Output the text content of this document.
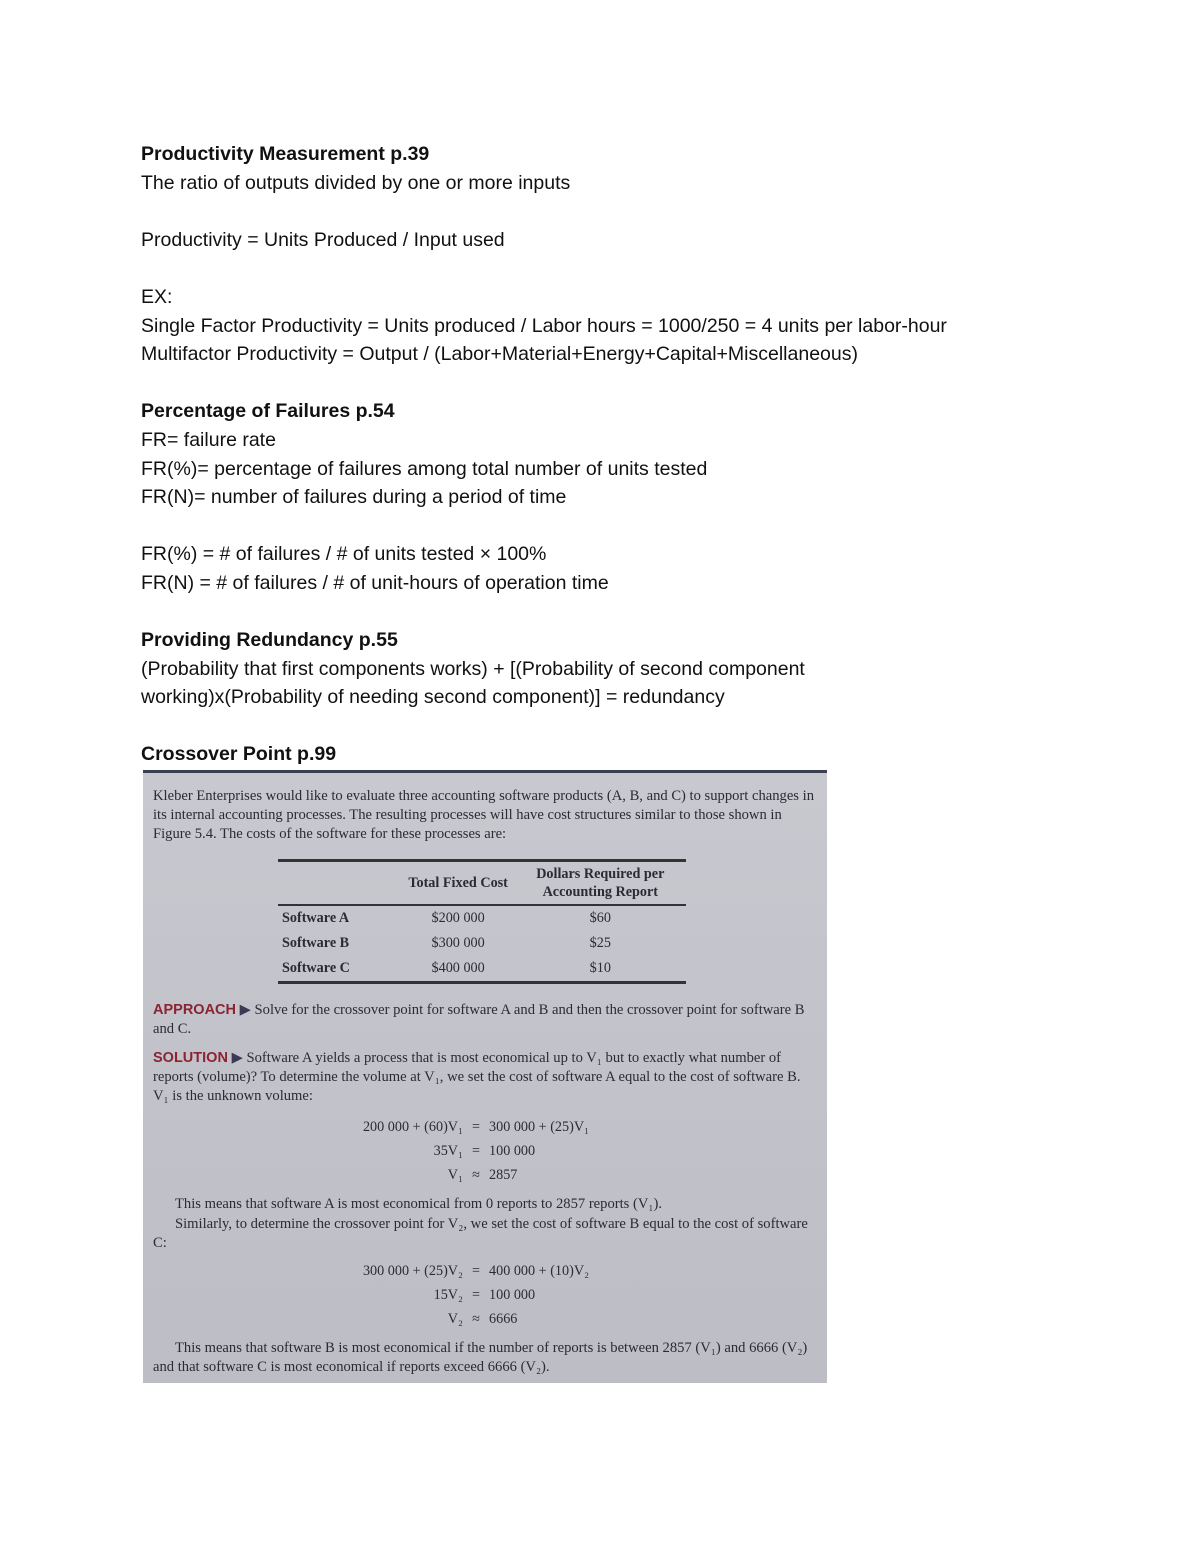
Productivity Measurement p.39

The ratio of outputs divided by one or more inputs

Productivity = Units Produced / Input used

EX:

Single Factor Productivity = Units produced / Labor hours = 1000/250 = 4 units per labor-hour

Multifactor Productivity = Output / (Labor+Material+Energy+Capital+Miscellaneous)

Percentage of Failures p.54

FR= failure rate

FR(%)= percentage of failures among total number of units tested

FR(N)= number of failures during a period of time

FR(%) = # of failures / # of units tested × 100%

FR(N) = # of failures / # of unit-hours of operation time

Providing Redundancy p.55

(Probability that first components works) + [(Probability of second component working)x(Probability of needing second component)] = redundancy

Crossover Point p.99

Kleber Enterprises would like to evaluate three accounting software products (A, B, and C) to support changes in its internal accounting processes. The resulting processes will have cost structures similar to those shown in Figure 5.4. The costs of the software for these processes are:
	Total Fixed Cost	Dollars Required per Accounting Report
Software A	$200 000	$60
Software B	$300 000	$25
Software C	$400 000	$10
APPROACH ▶ Solve for the crossover point for software A and B and then the crossover point for software B and C.
SOLUTION ▶ Software A yields a process that is most economical up to V₁ but to exactly what number of reports (volume)? To determine the volume at V₁, we set the cost of software A equal to the cost of software B. V₁ is the unknown volume:
200 000 + (60)V₁ = 300 000 + (25)V₁
35V₁ = 100 000
V₁ ≈ 2857
This means that software A is most economical from 0 reports to 2857 reports (V₁).
Similarly, to determine the crossover point for V₂, we set the cost of software B equal to the cost of software C:
300 000 + (25)V₂ = 400 000 + (10)V₂
15V₂ = 100 000
V₂ ≈ 6666
This means that software B is most economical if the number of reports is between 2857 (V₁) and 6666 (V₂) and that software C is most economical if reports exceed 6666 (V₂).
